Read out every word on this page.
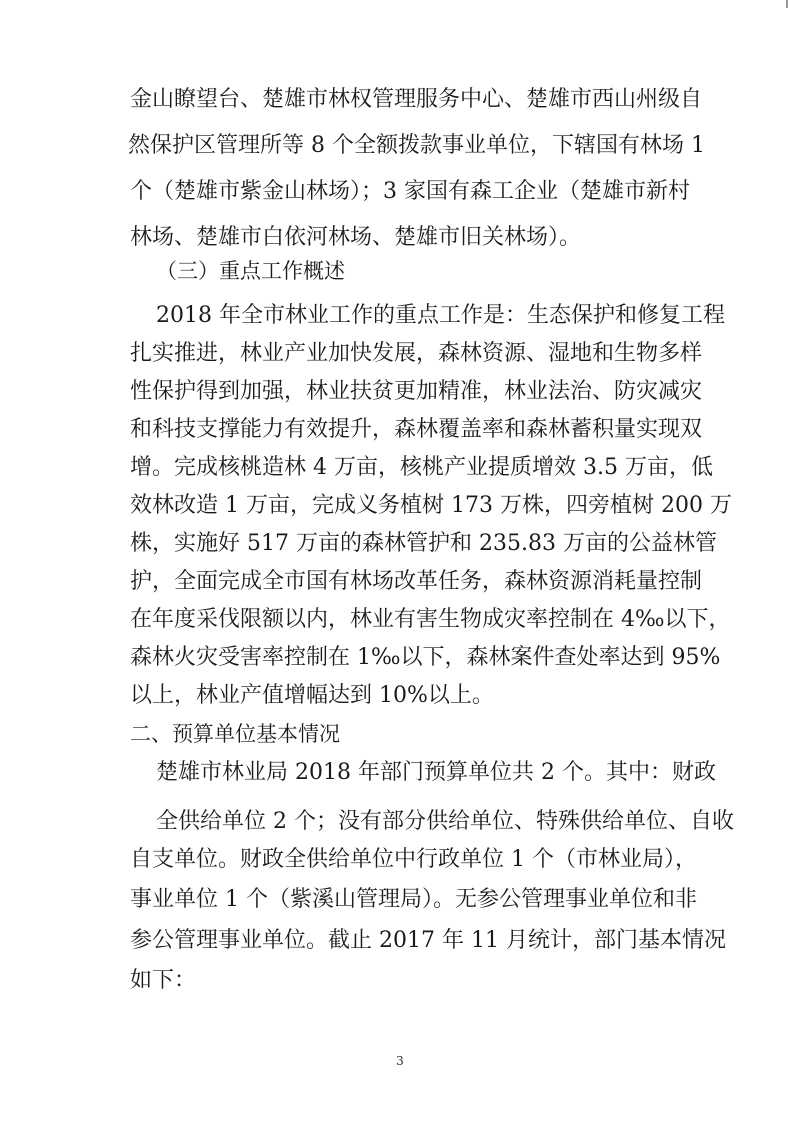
金山瞭望台、楚雄市林权管理服务中心、楚雄市西山州级自
然保护区管理所等 8 个全额拨款事业单位，下辖国有林场 1
个（楚雄市紫金山林场）；3 家国有森工企业（楚雄市新村
林场、楚雄市白依河林场、楚雄市旧关林场）。
（三）重点工作概述
2018 年全市林业工作的重点工作是：生态保护和修复工程
扎实推进，林业产业加快发展，森林资源、湿地和生物多样
性保护得到加强，林业扶贫更加精准，林业法治、防灾减灾
和科技支撑能力有效提升，森林覆盖率和森林蓄积量实现双
增。完成核桃造林 4 万亩，核桃产业提质增效 3.5 万亩，低
效林改造 1 万亩，完成义务植树 173 万株，四旁植树 200 万
株，实施好 517 万亩的森林管护和 235.83 万亩的公益林管
护，全面完成全市国有林场改革任务，森林资源消耗量控制
在年度采伐限额以内，林业有害生物成灾率控制在 4‰以下，
森林火灾受害率控制在 1‰以下，森林案件查处率达到 95%
以上，林业产值增幅达到 10%以上。
二、预算单位基本情况
楚雄市林业局 2018 年部门预算单位共 2 个。其中：财政
全供给单位 2 个；没有部分供给单位、特殊供给单位、自收
自支单位。财政全供给单位中行政单位 1 个（市林业局），
事业单位 1 个（紫溪山管理局）。无参公管理事业单位和非
参公管理事业单位。截止 2017 年 11 月统计，部门基本情况
如下：
3
